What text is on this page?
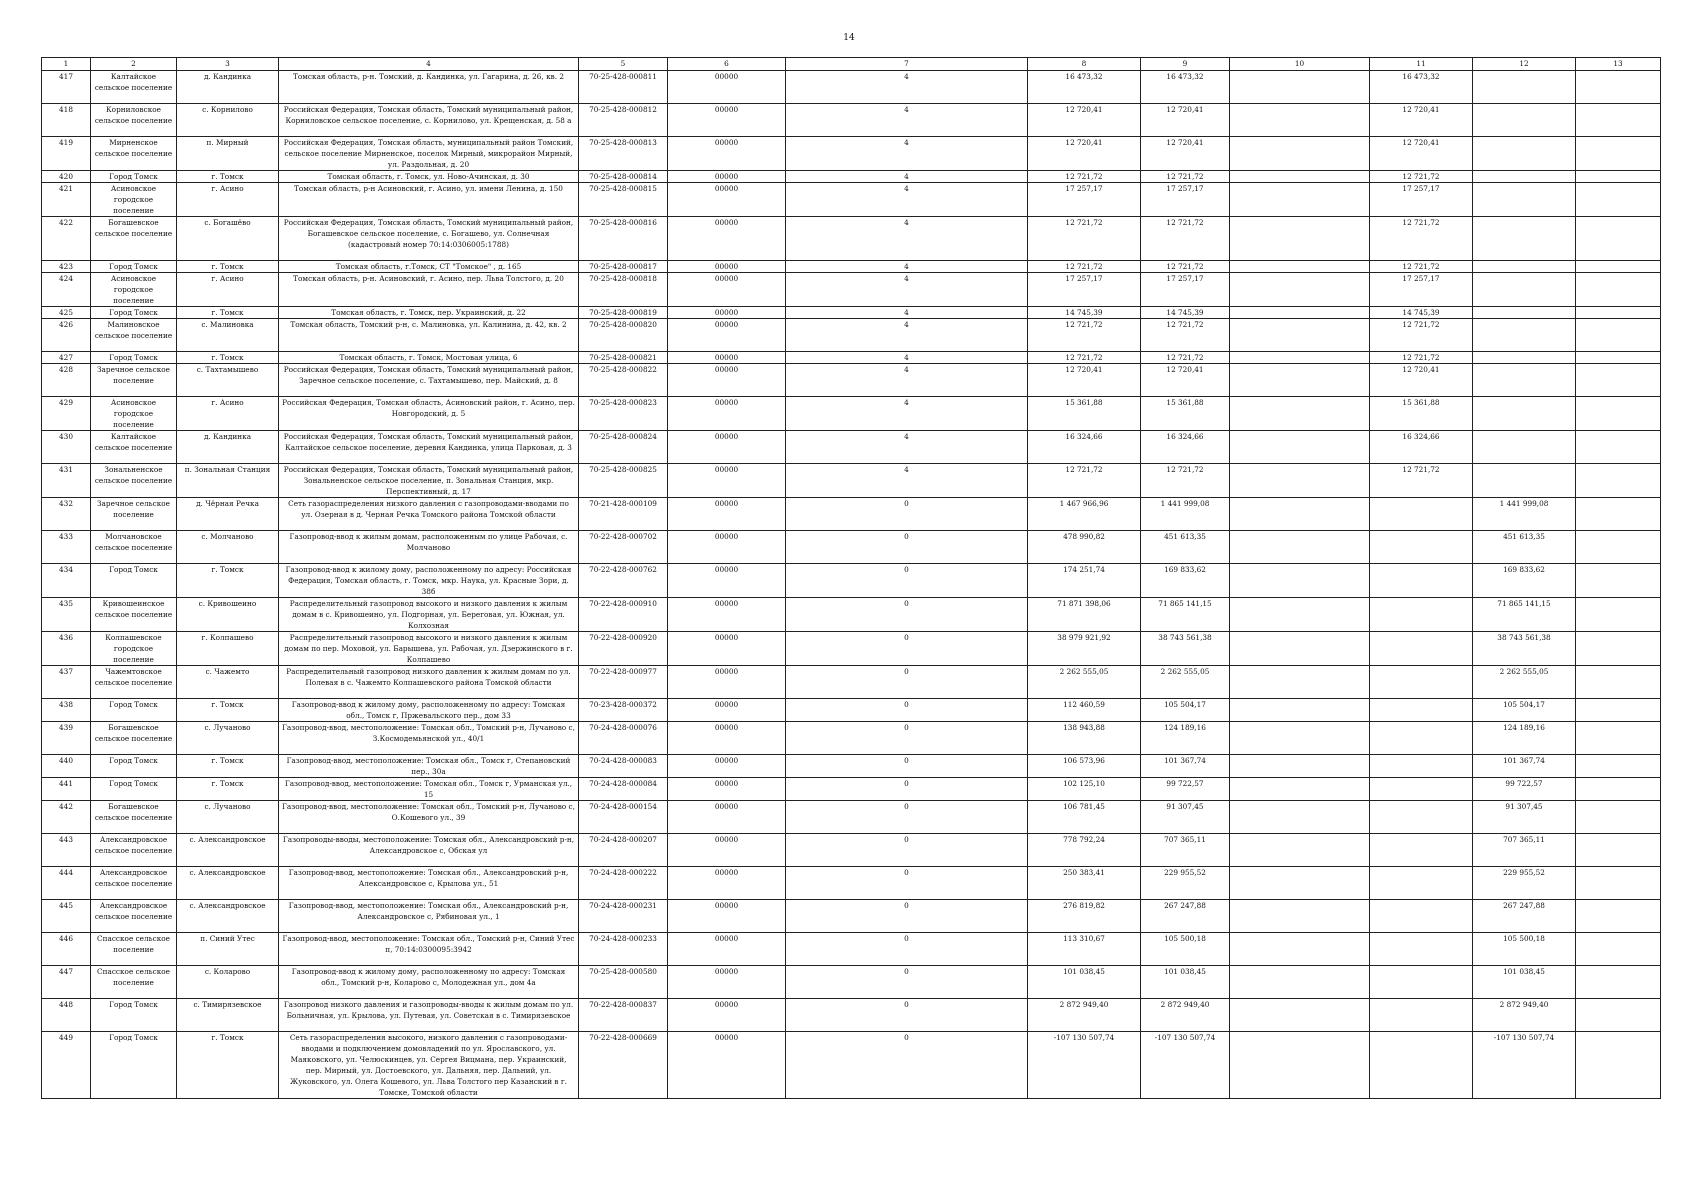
14
1	2	3	4	5	6	7	8	9	10	11	12	13
417	Калтайское сельское поселение	д. Кандинка	Томская область, р-н. Томский, д. Кандинка, ул. Гагарина, д. 26, кв. 2	70-25-428-000811	00000	4	16 473,32	16 473,32		16 473,32		
418	Корниловское сельское поселение	с. Корнилово	Российская Федерация, Томская область, Томский муниципальный район, Корниловское сельское поселение, с. Корнилово, ул. Крещенская, д. 58 а	70-25-428-000812	00000	4	12 720,41	12 720,41		12 720,41		
419	Мирненское сельское поселение	п. Мирный	Российская Федерация, Томская область, муниципальный район Томский, сельское поселение Мирненское, поселок Мирный, микрорайон Мирный, ул. Раздольная, д. 20	70-25-428-000813	00000	4	12 720,41	12 720,41		12 720,41		
420	Город Томск	г. Томск	Томская область, г. Томск, ул. Ново-Ачинская, д. 30	70-25-428-000814	00000	4	12 721,72	12 721,72		12 721,72		
421	Асиновское городское поселение	г. Асино	Томская область, р-н Асиновский, г. Асино, ул. имени Ленина, д. 150	70-25-428-000815	00000	4	17 257,17	17 257,17		17 257,17		
422	Богашевское сельское поселение	с. Богашёво	Российская Федерация, Томская область, Томский муниципальный район, Богашевское сельское поселение, с. Богашево, ул. Солнечная (кадастровый номер 70:14:0306005:1788)	70-25-428-000816	00000	4	12 721,72	12 721,72		12 721,72		
423	Город Томск	г. Томск	Томская область, г.Томск, СТ "Томское" , д. 165	70-25-428-000817	00000	4	12 721,72	12 721,72		12 721,72		
424	Асиновское городское поселение	г. Асино	Томская область, р-н. Асиновский, г. Асино, пер. Льва Толстого, д. 20	70-25-428-000818	00000	4	17 257,17	17 257,17		17 257,17		
425	Город Томск	г. Томск	Томская область, г. Томск, пер. Украинский, д. 22	70-25-428-000819	00000	4	14 745,39	14 745,39		14 745,39		
426	Малиновское сельское поселение	с. Малиновка	Томская область, Томский р-н, с. Малиновка, ул. Калинина, д. 42, кв. 2	70-25-428-000820	00000	4	12 721,72	12 721,72		12 721,72		
427	Город Томск	г. Томск	Томская область, г. Томск, Мостовая улица, 6	70-25-428-000821	00000	4	12 721,72	12 721,72		12 721,72		
428	Заречное сельское поселение	с. Тахтамышево	Российская Федерация, Томская область, Томский муниципальный район, Заречное сельское поселение, с. Тахтамышево, пер. Майский, д. 8	70-25-428-000822	00000	4	12 720,41	12 720,41		12 720,41		
429	Асиновское городское поселение	г. Асино	Российская Федерация, Томская область, Асиновский район, г. Асино, пер. Новгородский, д. 5	70-25-428-000823	00000	4	15 361,88	15 361,88		15 361,88		
430	Калтайское сельское поселение	д. Кандинка	Российская Федерация, Томская область, Томский муниципальный район, Калтайское сельское поселение, деревня Кандинка, улица Парковая, д. 3	70-25-428-000824	00000	4	16 324,66	16 324,66		16 324,66		
431	Зональненское сельское поселение	п. Зональная Станция	Российская Федерация, Томская область, Томский муниципальный район, Зональненское сельское поселение, п. Зональная Станция, мкр. Перспективный, д. 17	70-25-428-000825	00000	4	12 721,72	12 721,72		12 721,72		
432	Заречное сельское поселение	д. Чёрная Речка	Сеть газораспределения низкого давления с газопроводами-вводами по ул. Озерная в д. Черная Речка Томского района Томской области	70-21-428-000109	00000	0	1 467 966,96	1 441 999,08			1 441 999,08	
433	Молчановское сельское поселение	с. Молчаново	Газопровод-ввод к жилым домам, расположенным по улице Рабочая, с. Молчаново	70-22-428-000702	00000	0	478 990,82	451 613,35			451 613,35	
434	Город Томск	г. Томск	Газопровод-ввод к жилому дому, расположенному по адресу: Российская Федерация, Томская область, г. Томск, мкр. Наука, ул. Красные Зори, д. 38б	70-22-428-000762	00000	0	174 251,74	169 833,62			169 833,62	
435	Кривошеинское сельское поселение	с. Кривошеино	Распределительный газопровод высокого и низкого давления к жилым домам в с. Кривошеино, ул. Подгорная, ул. Береговая, ул. Южная, ул. Колхозная	70-22-428-000910	00000	0	71 871 398,06	71 865 141,15			71 865 141,15	
436	Колпашевское городское поселение	г. Колпашево	Распределительный газопровод высокого и низкого давления к жилым домам по пер. Моховой, ул. Барышева, ул. Рабочая, ул. Дзержинского в г. Колпашево	70-22-428-000920	00000	0	38 979 921,92	38 743 561,38			38 743 561,38	
437	Чажемтовское сельское поселение	с. Чажемто	Распределительный газопровод низкого давления к жилым домам по ул. Полевая в с. Чажемто Колпашевского района Томской области	70-22-428-000977	00000	0	2 262 555,05	2 262 555,05			2 262 555,05	
438	Город Томск	г. Томск	Газопровод-ввод к жилому дому, расположенному по адресу: Томская обл., Томск г, Пржевальского пер., дом 33	70-23-428-000372	00000	0	112 460,59	105 504,17			105 504,17	
439	Богашевское сельское поселение	с. Лучаново	Газопровод-ввод, местоположение: Томская обл., Томский р-н, Лучаново с, З.Космодемьянской ул., 40/1	70-24-428-000076	00000	0	138 943,88	124 189,16			124 189,16	
440	Город Томск	г. Томск	Газопровод-ввод, местоположение: Томская обл., Томск г, Степановский пер., 30а	70-24-428-000083	00000	0	106 573,96	101 367,74			101 367,74	
441	Город Томск	г. Томск	Газопровод-ввод, местоположение: Томская обл., Томск г, Урманская ул., 15	70-24-428-000084	00000	0	102 125,10	99 722,57			99 722,57	
442	Богашевское сельское поселение	с. Лучаново	Газопровод-ввод, местоположение: Томская обл., Томский р-н, Лучаново с, О.Кошевого ул., 39	70-24-428-000154	00000	0	106 781,45	91 307,45			91 307,45	
443	Александровское сельское поселение	с. Александровское	Газопроводы-вводы, местоположение: Томская обл., Александровский р-н, Александровское с, Обская ул	70-24-428-000207	00000	0	778 792,24	707 365,11			707 365,11	
444	Александровское сельское поселение	с. Александровское	Газопровод-ввод, местоположение: Томская обл., Александровский р-н, Александровское с, Крылова ул., 51	70-24-428-000222	00000	0	250 383,41	229 955,52			229 955,52	
445	Александровское сельское поселение	с. Александровское	Газопровод-ввод, местоположение: Томская обл., Александровский р-н, Александровское с, Рябиновая ул., 1	70-24-428-000231	00000	0	276 819,82	267 247,88			267 247,88	
446	Спасское сельское поселение	п. Синий Утес	Газопровод-ввод, местоположение: Томская обл., Томский р-н, Синий Утес п, 70:14:0300095:3942	70-24-428-000233	00000	0	113 310,67	105 500,18			105 500,18	
447	Спасское сельское поселение	с. Коларово	Газопровод-ввод к жилому дому, расположенному по адресу: Томская обл., Томский р-н, Коларово с, Молодежная ул., дом 4а	70-25-428-000580	00000	0	101 038,45	101 038,45			101 038,45	
448	Город Томск	с. Тимирязевское	Газопровод низкого давления и газопроводы-вводы к жилым домам по ул. Больничная, ул. Крылова, ул. Путевая, ул. Советская в с. Тимирязевское	70-22-428-000837	00000	0	2 872 949,40	2 872 949,40			2 872 949,40	
449	Город Томск	г. Томск	Сеть газораспределения высокого, низкого давления с газопроводами-вводами и подключением домовладений по ул. Ярославского, ул. Маяковского, ул. Челюскинцев, ул. Сергея Вицмана, пер. Украинский, пер. Мирный, ул. Достоевского, ул. Дальняя, пер. Дальний, ул. Жуковского, ул. Олега Кошевого, ул. Льва Толстого пер Казанский в г. Томске, Томской области	70-22-428-000669	00000	0	-107 130 507,74	-107 130 507,74			-107 130 507,74	
